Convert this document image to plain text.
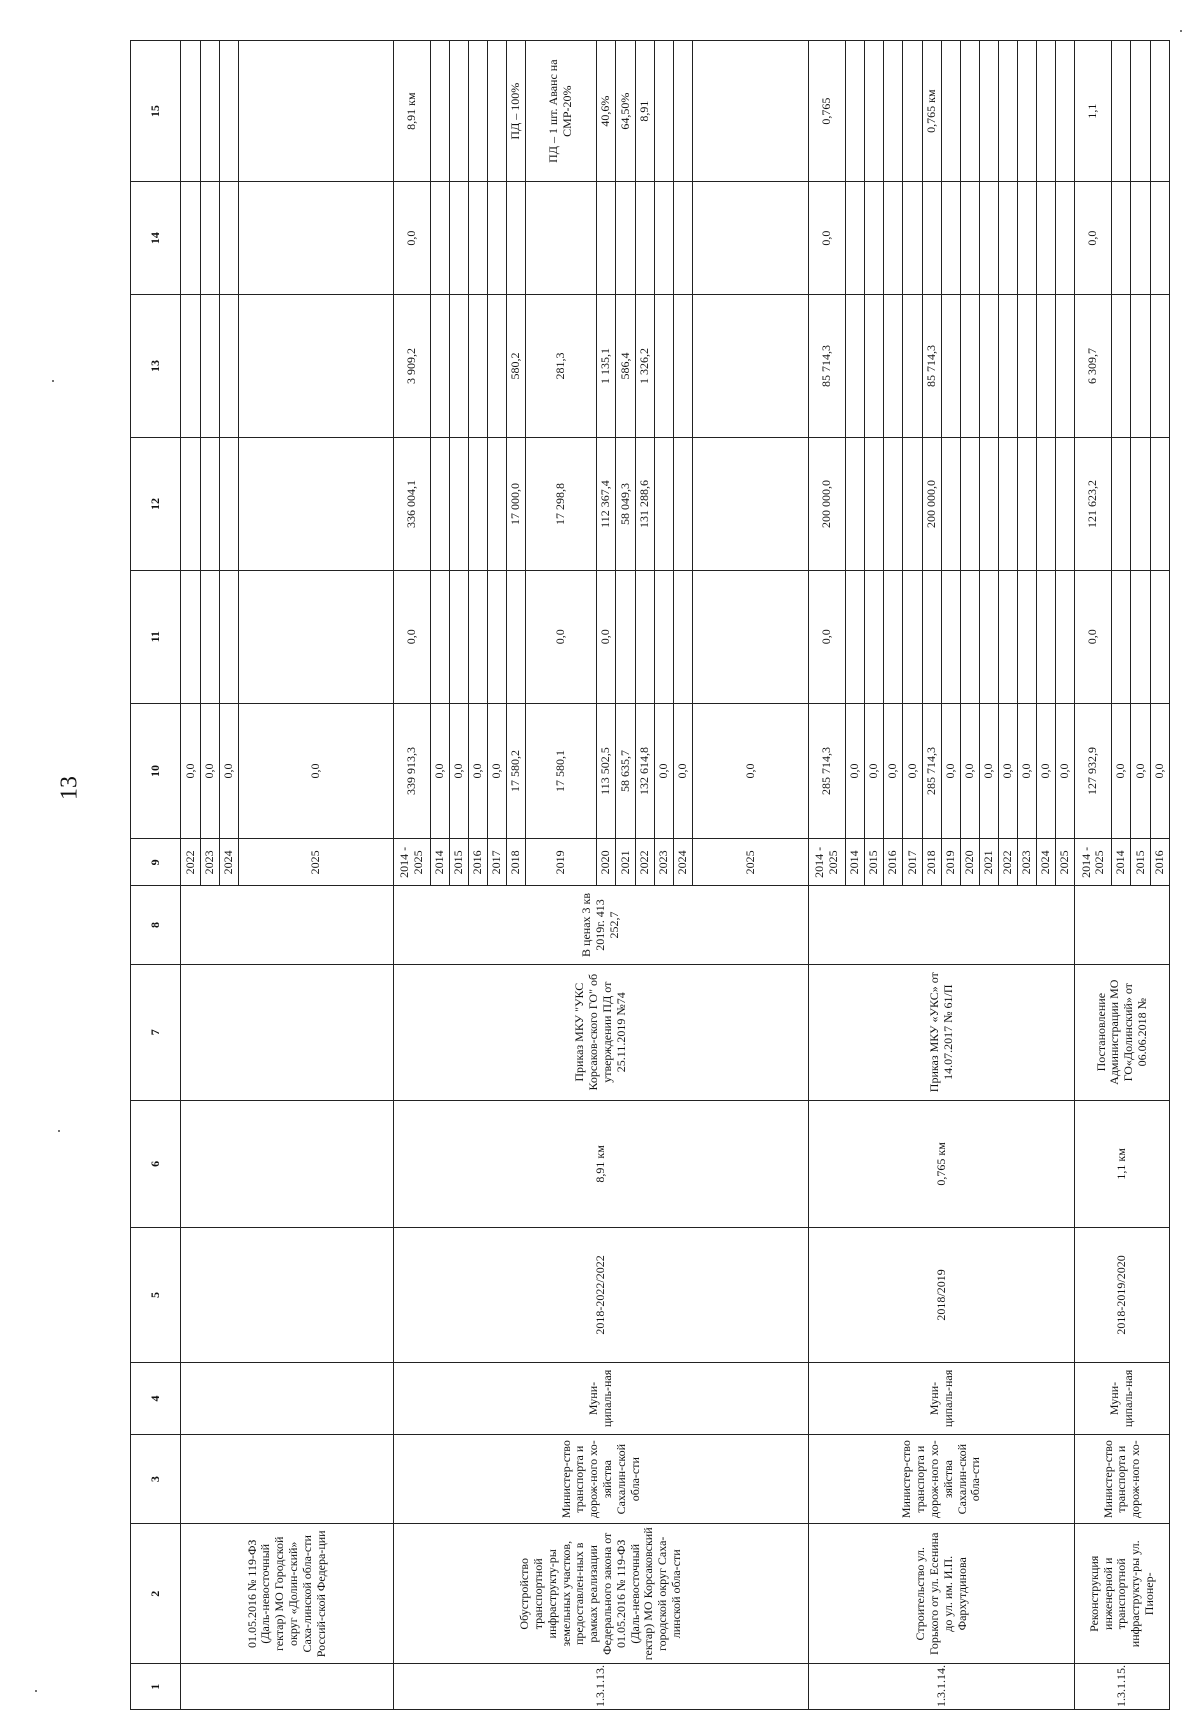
13
1	2	3	4	5	6	7	8	9	10	11	12	13	14	15
	01.05.2016 № 119-ФЗ (Даль-невосточный гектар) МО Городской округ «Долин-ский» Саха-линской обла-сти Россий-ской Федера-ции							2022	0,0					
								2023	0,0					
								2024	0,0					
								2025	0,0					
1.3.1.13.	Обустройство транспортной инфраструкту-ры земельных участков, предоставлен-ных в рамках реализации Федерального закона от 01.05.2016 № 119-ФЗ (Даль-невосточный гектар) МО Корсаковский городской округ Саха-линской обла-сти	Министер-ство транспорта и дорож-ного хо-зяйства Сахалин-ской обла-сти	Муни-ципаль-ная	2018-2022/2022	8,91 км	Приказ МКУ "УКС Корсаков-ского ГО" об утверждении ПД от 25.11.2019 №74	В ценах 3 кв 2019г. 413 252,7	2014 - 2025	339 913,3	0,0	336 004,1	3 909,2	0,0	8,91 км
								2014	0,0					
								2015	0,0					
								2016	0,0					
								2017	0,0					
								2018	17 580,2		17 000,0	580,2		ПД – 100%
								2019	17 580,1	0,0	17 298,8	281,3		ПД – 1 шт. Аванс на СМР-20%
								2020	113 502,5	0,0	112 367,4	1 135,1		40,6%
								2021	58 635,7		58 049,3	586,4		64,50%
								2022	132 614,8		131 288,6	1 326,2		8,91
								2023	0,0					
								2024	0,0					
								2025	0,0					
1.3.1.14.	Строительство ул. Горького от ул. Есенина до ул. им. И.П. Фархутдинова	Министер-ство транспорта и дорож-ного хо-зяйства Сахалин-ской обла-сти	Муни-ципаль-ная	2018/2019	0,765 км	Приказ МКУ «УКС» от 14.07.2017 № 61/П		2014 - 2025	285 714,3	0,0	200 000,0	85 714,3	0,0	0,765
								2014	0,0					
								2015	0,0					
								2016	0,0					
								2017	0,0					
								2018	285 714,3		200 000,0	85 714,3		0,765 км
								2019	0,0					
								2020	0,0					
								2021	0,0					
								2022	0,0					
								2023	0,0					
								2024	0,0					
								2025	0,0					
1.3.1.15.	Реконструкция инженерной и транспортной инфраструкту-ры ул. Пионер-	Министер-ство транспорта и дорож-ного хо-	Муни-ципаль-ная	2018-2019/2020	1,1 км	Постановление Администрации МО ГО«Долинский» от 06.06.2018 №		2014 - 2025	127 932,9	0,0	121 623,2	6 309,7	0,0	1,1
								2014	0,0					
								2015	0,0					
								2016	0,0					
